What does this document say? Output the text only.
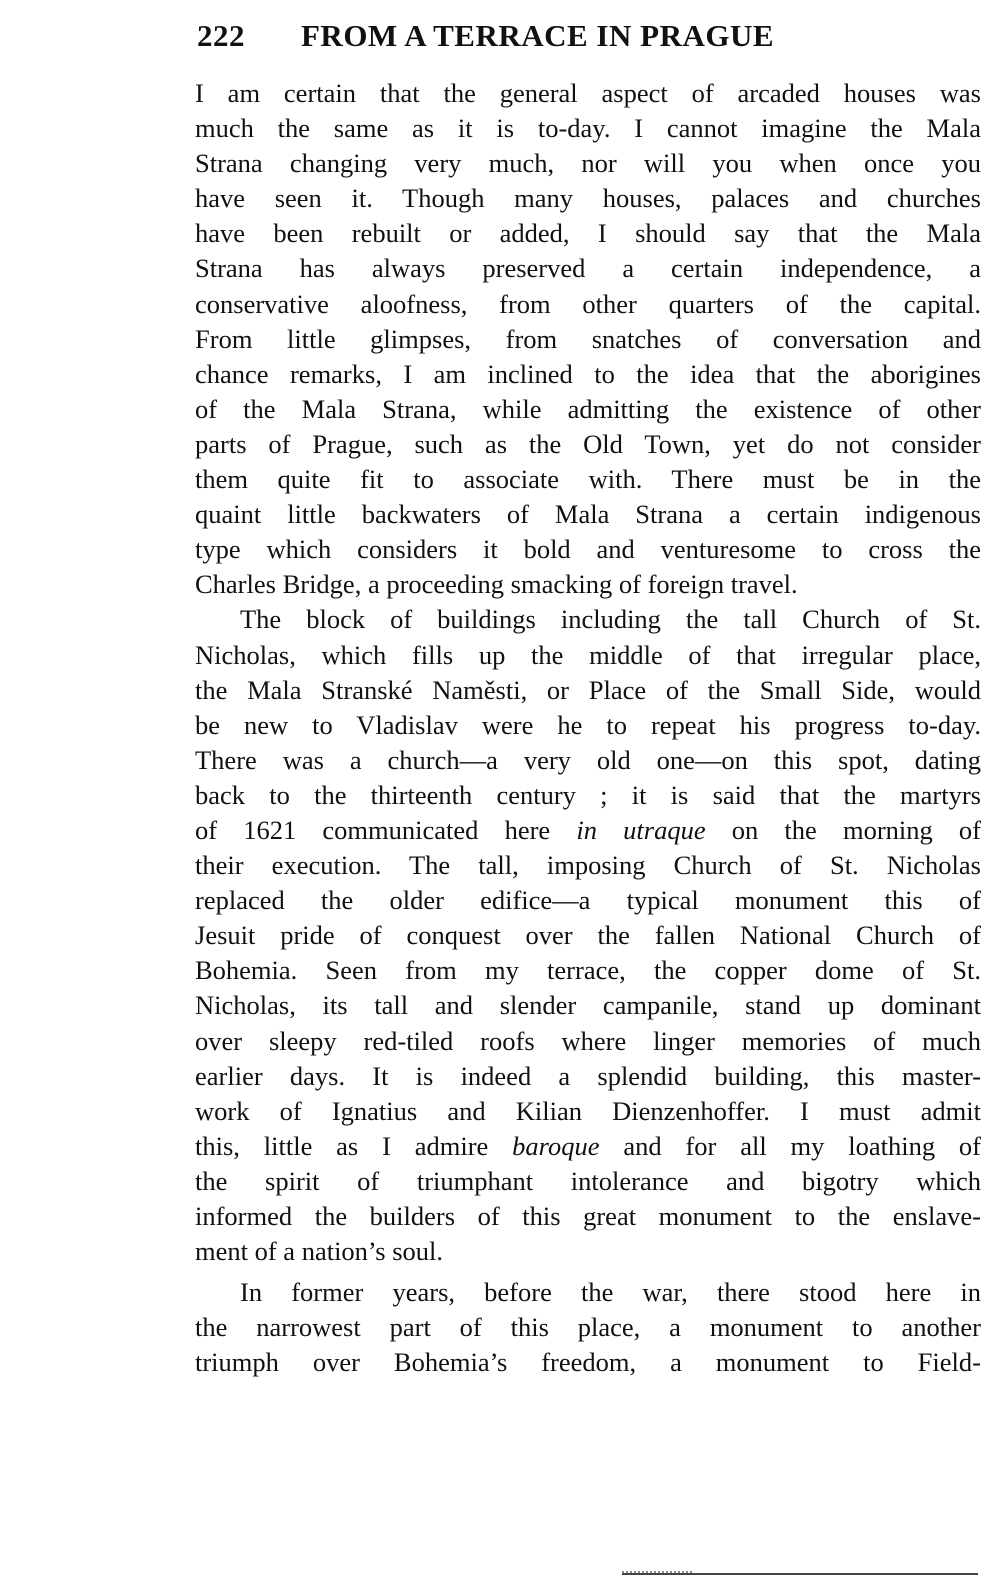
222 FROM A TERRACE IN PRAGUE
I am certain that the general aspect of arcaded houses was
much the same as it is to-day. I cannot imagine the Mala
Strana changing very much, nor will you when once you
have seen it. Though many houses, palaces and churches
have been rebuilt or added, I should say that the Mala
Strana has always preserved a certain independence, a
conservative aloofness, from other quarters of the capital.
From little glimpses, from snatches of conversation and
chance remarks, I am inclined to the idea that the aborigines
of the Mala Strana, while admitting the existence of other
parts of Prague, such as the Old Town, yet do not consider
them quite fit to associate with. There must be in the
quaint little backwaters of Mala Strana a certain indigenous
type which considers it bold and venturesome to cross the
Charles Bridge, a proceeding smacking of foreign travel.
The block of buildings including the tall Church of St.
Nicholas, which fills up the middle of that irregular place,
the Mala Stranské Naměsti, or Place of the Small Side, would
be new to Vladislav were he to repeat his progress to-day.
There was a church—a very old one—on this spot, dating
back to the thirteenth century ; it is said that the martyrs
of 1621 communicated here in utraque on the morning of
their execution. The tall, imposing Church of St. Nicholas
replaced the older edifice—a typical monument this of
Jesuit pride of conquest over the fallen National Church of
Bohemia. Seen from my terrace, the copper dome of St.
Nicholas, its tall and slender campanile, stand up dominant
over sleepy red-tiled roofs where linger memories of much
earlier days. It is indeed a splendid building, this master-
work of Ignatius and Kilian Dienzenhoffer. I must admit
this, little as I admire baroque and for all my loathing of
the spirit of triumphant intolerance and bigotry which
informed the builders of this great monument to the enslave-
ment of a nation’s soul.
In former years, before the war, there stood here in
the narrowest part of this place, a monument to another
triumph over Bohemia’s freedom, a monument to Field-
